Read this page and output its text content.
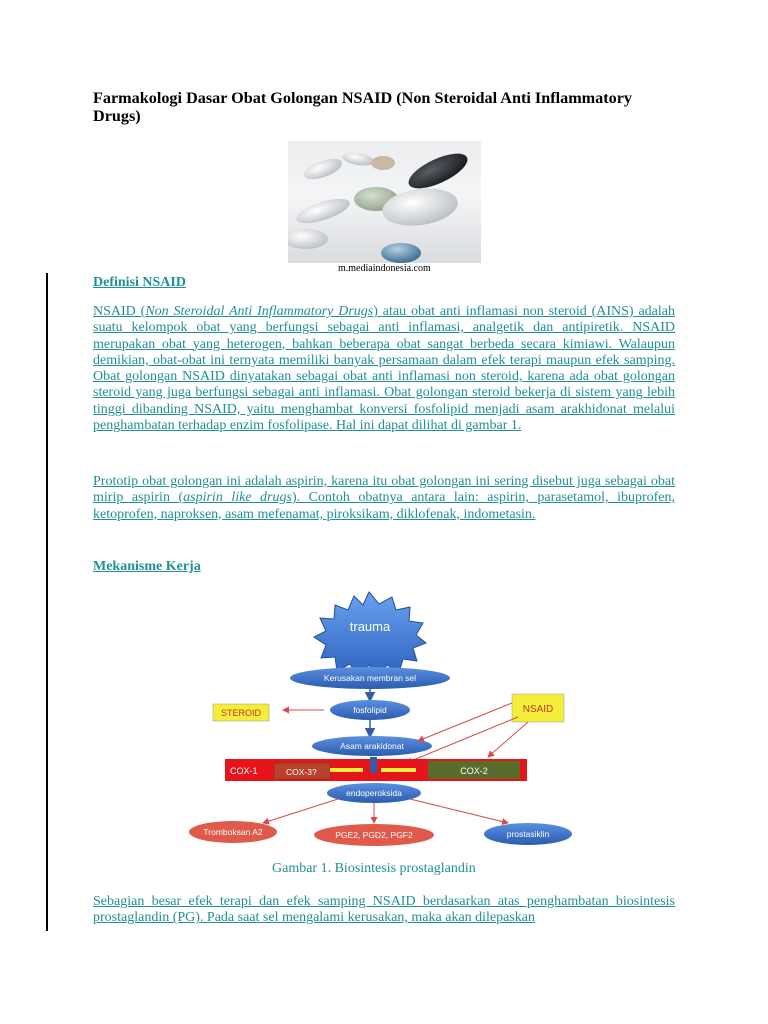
Farmakologi Dasar Obat Golongan NSAID (Non Steroidal Anti Inflammatory Drugs)
m.mediaindonesia.com
Definisi NSAID
NSAID (Non Steroidal Anti Inflammatory Drugs) atau obat anti inflamasi non steroid (AINS) adalah suatu kelompok obat yang berfungsi sebagai anti inflamasi, analgetik dan antipiretik. NSAID merupakan obat yang heterogen, bahkan beberapa obat sangat berbeda secara kimiawi. Walaupun demikian, obat-obat ini ternyata memiliki banyak persamaan dalam efek terapi maupun efek samping. Obat golongan NSAID dinyatakan sebagai obat anti inflamasi non steroid, karena ada obat golongan steroid yang juga berfungsi sebagai anti inflamasi. Obat golongan steroid bekerja di sistem yang lebih tinggi dibanding NSAID, yaitu menghambat konversi fosfolipid menjadi asam arakhidonat melalui penghambatan terhadap enzim fosfolipase. Hal ini dapat dilihat di gambar 1.
Prototip obat golongan ini adalah aspirin, karena itu obat golongan ini sering disebut juga sebagai obat mirip aspirin (aspirin like drugs). Contoh obatnya antara lain: aspirin, parasetamol, ibuprofen, ketoprofen, naproksen, asam mefenamat, piroksikam, diklofenak, indometasin.
Mekanisme Kerja
trauma
Kerusakan membran sel
fosfolipid
STEROID	NSAID
Asam arakidonat
COX-1	COX-3?	COX-2
endoperoksida
Tromboksan A2	PGE2, PGD2, PGF2	prostasiklin
Gambar 1. Biosintesis prostaglandin
Sebagian besar efek terapi dan efek samping NSAID berdasarkan atas penghambatan biosintesis prostaglandin (PG). Pada saat sel mengalami kerusakan, maka akan dilepaskan
